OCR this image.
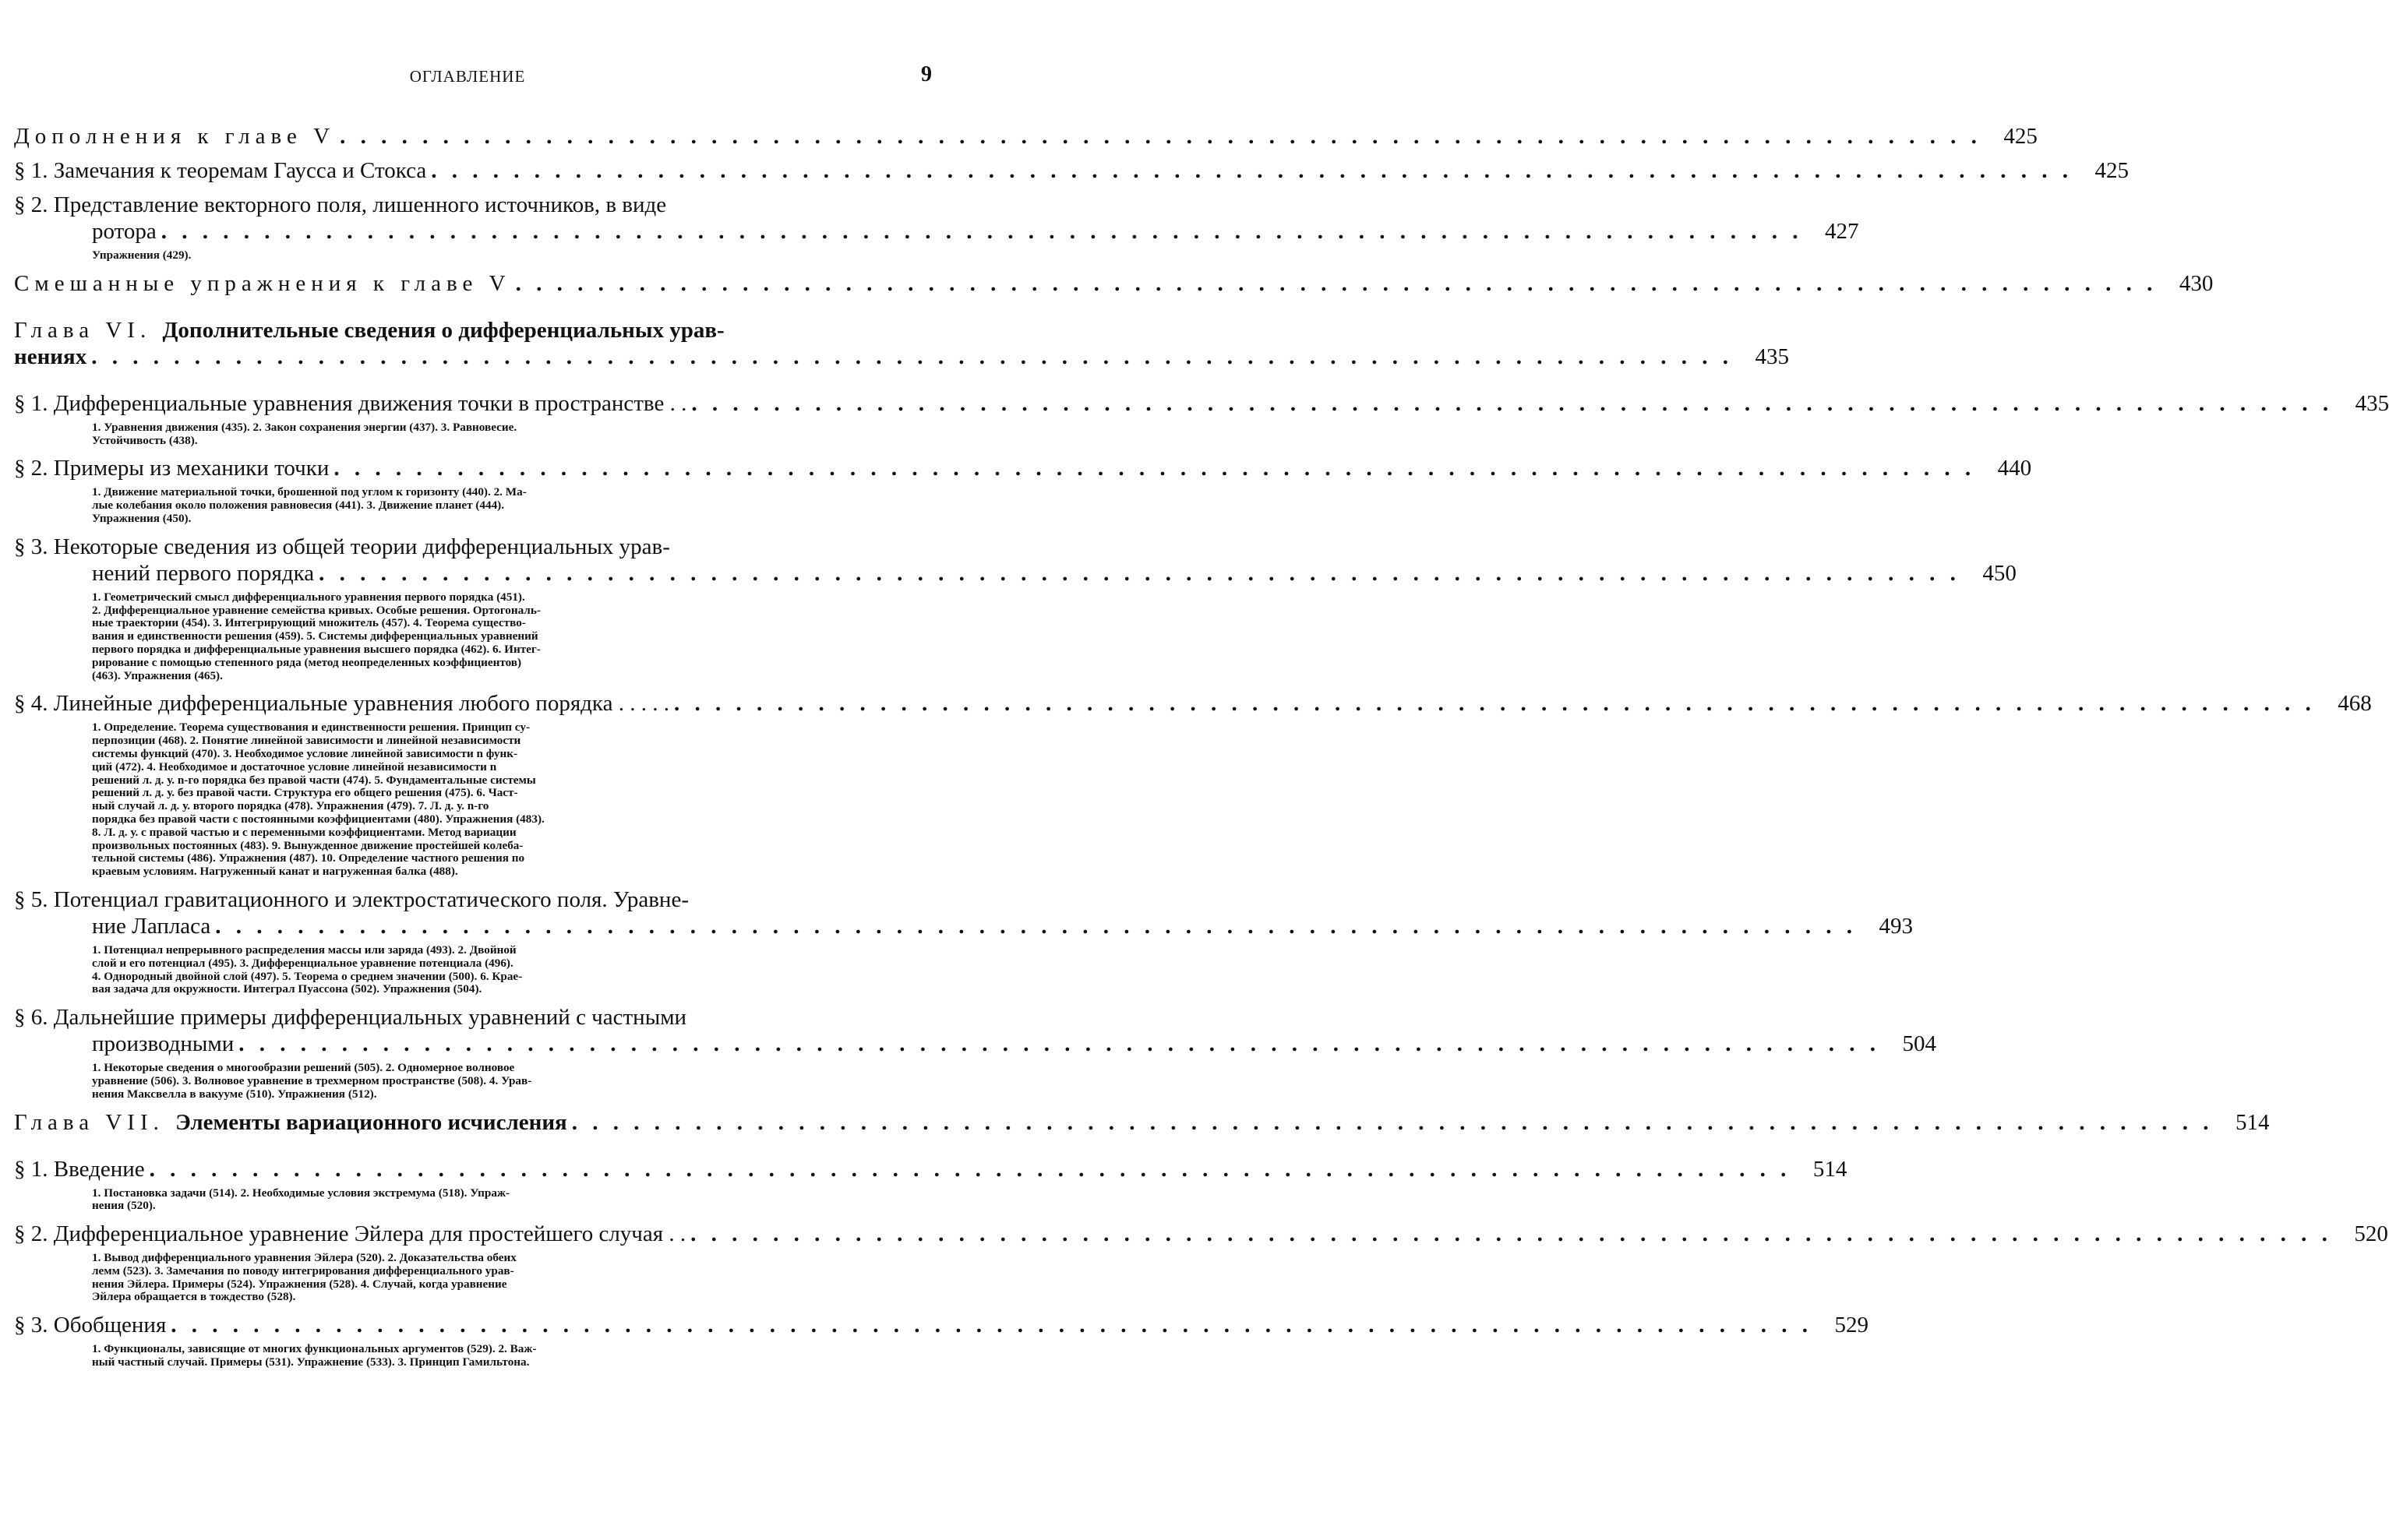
ОГЛАВЛЕНИЕ	9
Дополнения к главе V . . . . . . . . . . . . . . . . . . . . . . . . . . . . . . . . . . . . . . . . . . . . . . . . . . . . . . . . . . . . . . . . . . . . . . . . . . . . . . . . 425
§ 1. Замечания к теоремам Гаусса и Стокса . . . . . . . . . . . . . . . . . . . . . . . . . . . . . . . . . . . . . . . . . . . . . . . . . . . . . . . . . . . . . . . . . . . . . . . . . . . . . . . . 425
§ 2. Представление векторного поля, лишенного источников, в виде
ротора . . . . . . . . . . . . . . . . . . . . . . . . . . . . . . . . . . . . . . . . . . . . . . . . . . . . . . . . . . . . . . . . . . . . . . . . . . . . . . . . 427
Упражнения (429).
Смешанные упражнения к главе V . . . . . . . . . . . . . . . . . . . . . . . . . . . . . . . . . . . . . . . . . . . . . . . . . . . . . . . . . . . . . . . . . . . . . . . . . . . . . . . . 430
Глава VI. Дополнительные сведения о дифференциальных урав-
нениях . . . . . . . . . . . . . . . . . . . . . . . . . . . . . . . . . . . . . . . . . . . . . . . . . . . . . . . . . . . . . . . . . . . . . . . . . . . . . . . . 435
§ 1. Дифференциальные уравнения движения точки в пространстве . . . . . . . . . . . . . . . . . . . . . . . . . . . . . . . . . . . . . . . . . . . . . . . . . . . . . . . . . . . . . . . . . . . . . . . . . . . . . . . . . . 435
1. Уравнения движения (435). 2. Закон сохранения энергии (437). 3. Равновесие.
Устойчивость (438).
§ 2. Примеры из механики точки . . . . . . . . . . . . . . . . . . . . . . . . . . . . . . . . . . . . . . . . . . . . . . . . . . . . . . . . . . . . . . . . . . . . . . . . . . . . . . . . 440
1. Движение материальной точки, брошенной под углом к горизонту (440). 2. Ма-
лые колебания около положения равновесия (441). 3. Движение планет (444).
Упражнения (450).
§ 3. Некоторые сведения из общей теории дифференциальных урав-
нений первого порядка . . . . . . . . . . . . . . . . . . . . . . . . . . . . . . . . . . . . . . . . . . . . . . . . . . . . . . . . . . . . . . . . . . . . . . . . . . . . . . . . 450
1. Геометрический смысл дифференциального уравнения первого порядка (451).
2. Дифференциальное уравнение семейства кривых. Особые решения. Ортогональ-
ные траектории (454). 3. Интегрирующий множитель (457). 4. Теорема существо-
вания и единственности решения (459). 5. Системы дифференциальных уравнений
первого порядка и дифференциальные уравнения высшего порядка (462). 6. Интег-
рирование с помощью степенного ряда (метод неопределенных коэффициентов)
(463). Упражнения (465).
§ 4. Линейные дифференциальные уравнения любого порядка . . . . . . . . . . . . . . . . . . . . . . . . . . . . . . . . . . . . . . . . . . . . . . . . . . . . . . . . . . . . . . . . . . . . . . . . . . . . . . . . . . . . . 468
1. Определение. Теорема существования и единственности решения. Принцип су-
перпозиции (468). 2. Понятие линейной зависимости и линейной независимости
системы функций (470). 3. Необходимое условие линейной зависимости n функ-
ций (472). 4. Необходимое и достаточное условие линейной независимости n
решений л. д. у. n-го порядка без правой части (474). 5. Фундаментальные системы
решений л. д. у. без правой части. Структура его общего решения (475). 6. Част-
ный случай л. д. у. второго порядка (478). Упражнения (479). 7. Л. д. у. n-го
порядка без правой части с постоянными коэффициентами (480). Упражнения (483).
8. Л. д. у. с правой частью и с переменными коэффициентами. Метод вариации
произвольных постоянных (483). 9. Вынужденное движение простейшей колеба-
тельной системы (486). Упражнения (487). 10. Определение частного решения по
краевым условиям. Нагруженный канат и нагруженная балка (488).
§ 5. Потенциал гравитационного и электростатического поля. Уравне-
ние Лапласа . . . . . . . . . . . . . . . . . . . . . . . . . . . . . . . . . . . . . . . . . . . . . . . . . . . . . . . . . . . . . . . . . . . . . . . . . . . . . . . . 493
1. Потенциал непрерывного распределения массы или заряда (493). 2. Двойной
слой и его потенциал (495). 3. Дифференциальное уравнение потенциала (496).
4. Однородный двойной слой (497). 5. Теорема о среднем значении (500). 6. Крае-
вая задача для окружности. Интеграл Пуассона (502). Упражнения (504).
§ 6. Дальнейшие примеры дифференциальных уравнений с частными
производными . . . . . . . . . . . . . . . . . . . . . . . . . . . . . . . . . . . . . . . . . . . . . . . . . . . . . . . . . . . . . . . . . . . . . . . . . . . . . . . . 504
1. Некоторые сведения о многообразии решений (505). 2. Одномерное волновое
уравнение (506). 3. Волновое уравнение в трехмерном пространстве (508). 4. Урав-
нения Максвелла в вакууме (510). Упражнения (512).
Глава VII. Элементы вариационного исчисления . . . . . . . . . . . . . . . . . . . . . . . . . . . . . . . . . . . . . . . . . . . . . . . . . . . . . . . . . . . . . . . . . . . . . . . . . . . . . . . . 514
§ 1. Введение . . . . . . . . . . . . . . . . . . . . . . . . . . . . . . . . . . . . . . . . . . . . . . . . . . . . . . . . . . . . . . . . . . . . . . . . . . . . . . . . 514
1. Постановка задачи (514). 2. Необходимые условия экстремума (518). Упраж-
нения (520).
§ 2. Дифференциальное уравнение Эйлера для простейшего случая . . . . . . . . . . . . . . . . . . . . . . . . . . . . . . . . . . . . . . . . . . . . . . . . . . . . . . . . . . . . . . . . . . . . . . . . . . . . . . . . . . 520
1. Вывод дифференциального уравнения Эйлера (520). 2. Доказательства обеих
лемм (523). 3. Замечания по поводу интегрирования дифференциального урав-
нения Эйлера. Примеры (524). Упражнения (528). 4. Случай, когда уравнение
Эйлера обращается в тождество (528).
§ 3. Обобщения . . . . . . . . . . . . . . . . . . . . . . . . . . . . . . . . . . . . . . . . . . . . . . . . . . . . . . . . . . . . . . . . . . . . . . . . . . . . . . . . 529
1. Функционалы, зависящие от многих функциональных аргументов (529). 2. Важ-
ный частный случай. Примеры (531). Упражнение (533). 3. Принцип Гамильтона.
